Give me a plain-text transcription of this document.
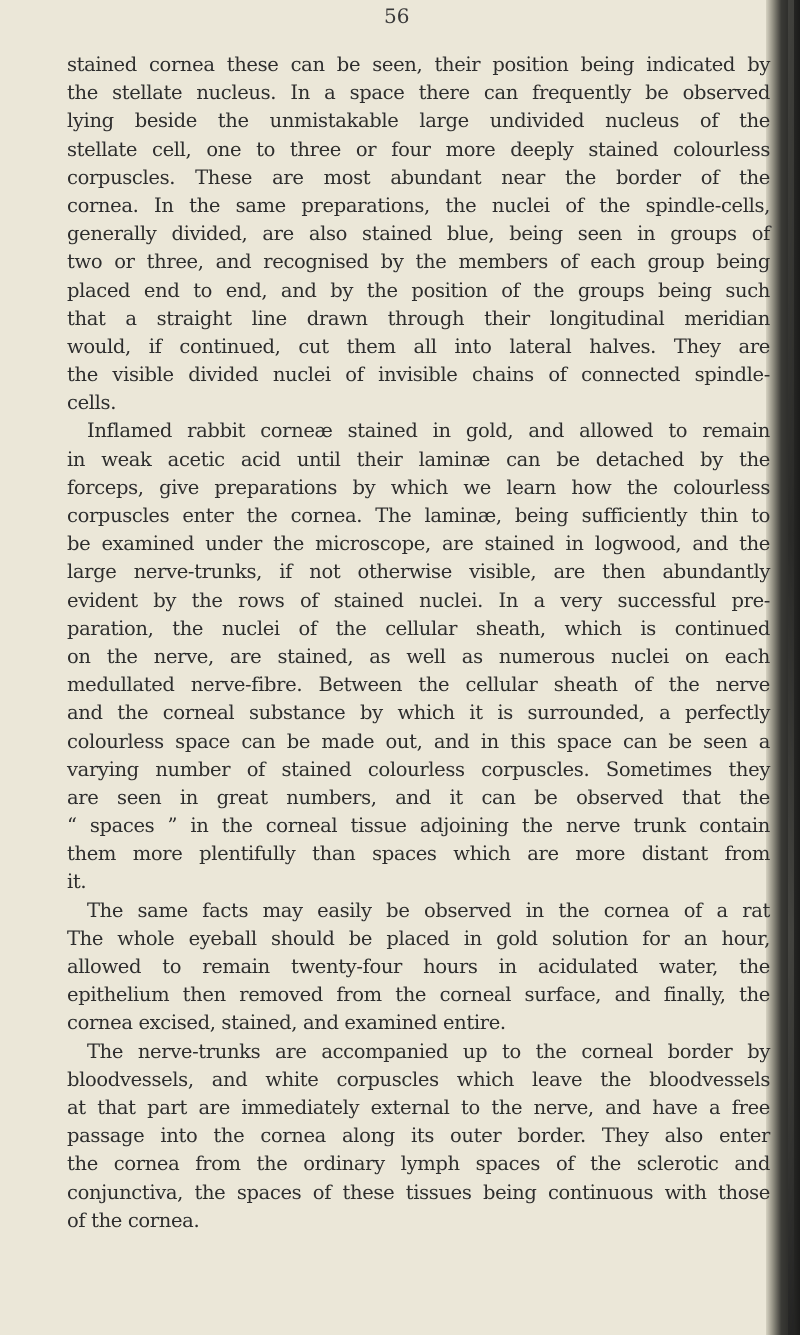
56
stained cornea these can be seen, their position being indicated by
the stellate nucleus. In a space there can frequently be observed
lying beside the unmistakable large undivided nucleus of the
stellate cell, one to three or four more deeply stained colourless
corpuscles. These are most abundant near the border of the
cornea. In the same preparations, the nuclei of the spindle-cells,
generally divided, are also stained blue, being seen in groups of
two or three, and recognised by the members of each group being
placed end to end, and by the position of the groups being such
that a straight line drawn through their longitudinal meridian
would, if continued, cut them all into lateral halves. They are
the visible divided nuclei of invisible chains of connected spindle-
cells.
Inflamed rabbit corneæ stained in gold, and allowed to remain
in weak acetic acid until their laminæ can be detached by the
forceps, give preparations by which we learn how the colourless
corpuscles enter the cornea. The laminæ, being sufficiently thin to
be examined under the microscope, are stained in logwood, and the
large nerve-trunks, if not otherwise visible, are then abundantly
evident by the rows of stained nuclei. In a very successful pre-
paration, the nuclei of the cellular sheath, which is continued
on the nerve, are stained, as well as numerous nuclei on each
medullated nerve-fibre. Between the cellular sheath of the nerve
and the corneal substance by which it is surrounded, a perfectly
colourless space can be made out, and in this space can be seen a
varying number of stained colourless corpuscles. Sometimes they
are seen in great numbers, and it can be observed that the
“ spaces ” in the corneal tissue adjoining the nerve trunk contain
them more plentifully than spaces which are more distant from
it.
The same facts may easily be observed in the cornea of a rat
The whole eyeball should be placed in gold solution for an hour,
allowed to remain twenty-four hours in acidulated water, the
epithelium then removed from the corneal surface, and finally, the
cornea excised, stained, and examined entire.
The nerve-trunks are accompanied up to the corneal border by
bloodvessels, and white corpuscles which leave the bloodvessels
at that part are immediately external to the nerve, and have a free
passage into the cornea along its outer border. They also enter
the cornea from the ordinary lymph spaces of the sclerotic and
conjunctiva, the spaces of these tissues being continuous with those
of the cornea.
